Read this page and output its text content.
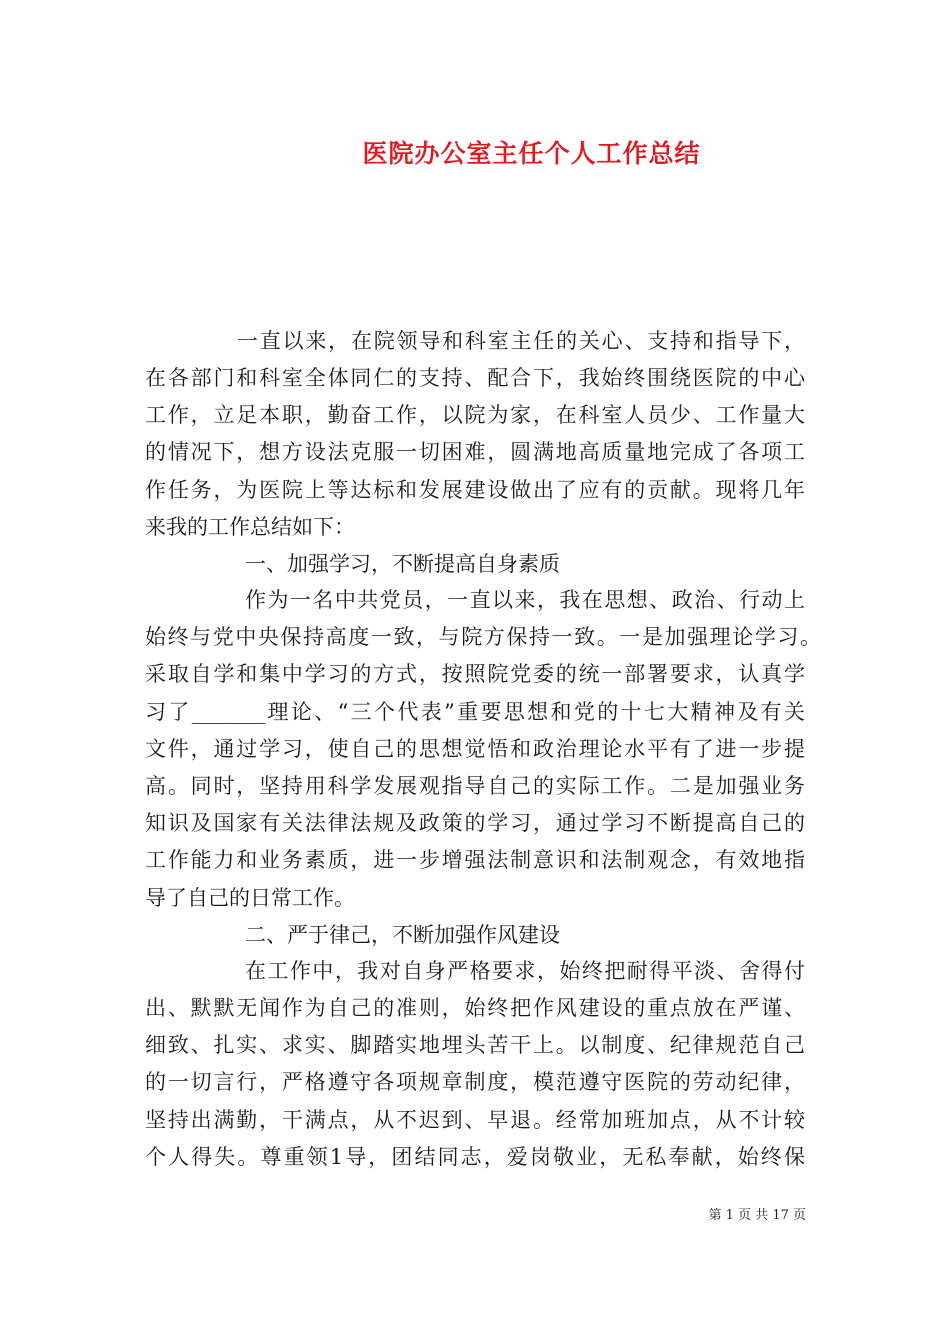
医院办公室主任个人工作总结
一直以来，在院领导和科室主任的关心、支持和指导下，
在各部门和科室全体同仁的支持、配合下，我始终围绕医院的中心
工作，立足本职，勤奋工作，以院为家，在科室人员少、工作量大
的情况下，想方设法克服一切困难，圆满地高质量地完成了各项工
作任务，为医院上等达标和发展建设做出了应有的贡献。现将几年
来我的工作总结如下：
一、加强学习，不断提高自身素质
作为一名中共党员，一直以来，我在思想、政治、行动上
始终与党中央保持高度一致，与院方保持一致。一是加强理论学习。
采取自学和集中学习的方式，按照院党委的统一部署要求，认真学
习了_______理论、“三个代表”重要思想和党的十七大精神及有关
文件，通过学习，使自己的思想觉悟和政治理论水平有了进一步提
高。同时，坚持用科学发展观指导自己的实际工作。二是加强业务
知识及国家有关法律法规及政策的学习，通过学习不断提高自己的
工作能力和业务素质，进一步增强法制意识和法制观念，有效地指
导了自己的日常工作。
二、严于律己，不断加强作风建设
在工作中，我对自身严格要求，始终把耐得平淡、舍得付
出、默默无闻作为自己的准则，始终把作风建设的重点放在严谨、
细致、扎实、求实、脚踏实地埋头苦干上。以制度、纪律规范自己
的一切言行，严格遵守各项规章制度，模范遵守医院的劳动纪律，
坚持出满勤，干满点，从不迟到、早退。经常加班加点，从不计较
个人得失。尊重领1导，团结同志，爱岗敬业，无私奉献，始终保
第 1 页 共 17 页
